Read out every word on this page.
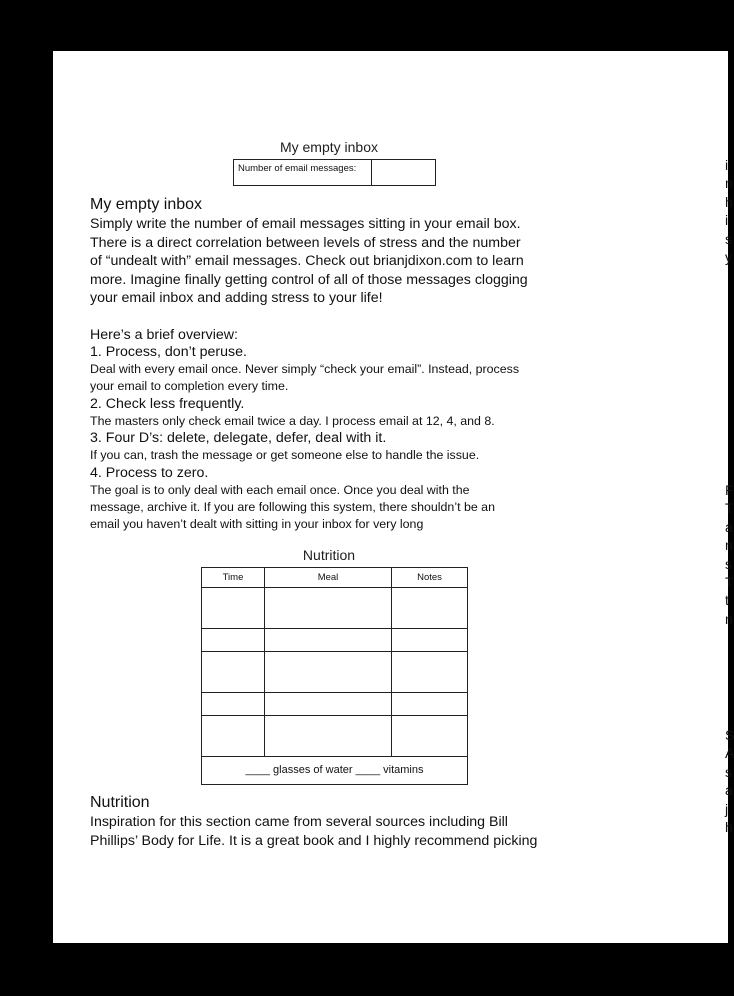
My empty inbox
Number of email messages:
My empty inbox
Simply write the number of email messages sitting in your email box.
There is a direct correlation between levels of stress and the number
of “undealt with” email messages. Check out brianjdixon.com to learn
more. Imagine finally getting control of all of those messages clogging
your email inbox and adding stress to your life!
Here’s a brief overview:
1. Process, don’t peruse.
Deal with every email once. Never simply “check your email”. Instead, process
your email to completion every time.
2. Check less frequently.
The masters only check email twice a day. I process email at 12, 4, and 8.
3. Four D’s: delete, delegate, defer, deal with it.
If you can, trash the message or get someone else to handle the issue.
4. Process to zero.
The goal is to only deal with each email once. Once you deal with the
message, archive it. If you are following this system, there shouldn’t be an
email you haven’t dealt with sitting in your inbox for very long
Nutrition
Time	Meal	Notes
____ glasses of water ____ vitamins
Nutrition
Inspiration for this section came from several sources including Bill
Phillips’ Body for Life. It is a great book and I highly recommend picking
i
n
h
i
s
y
F
T
a
n
s
T
t
n
S
A
s
a
j
h
